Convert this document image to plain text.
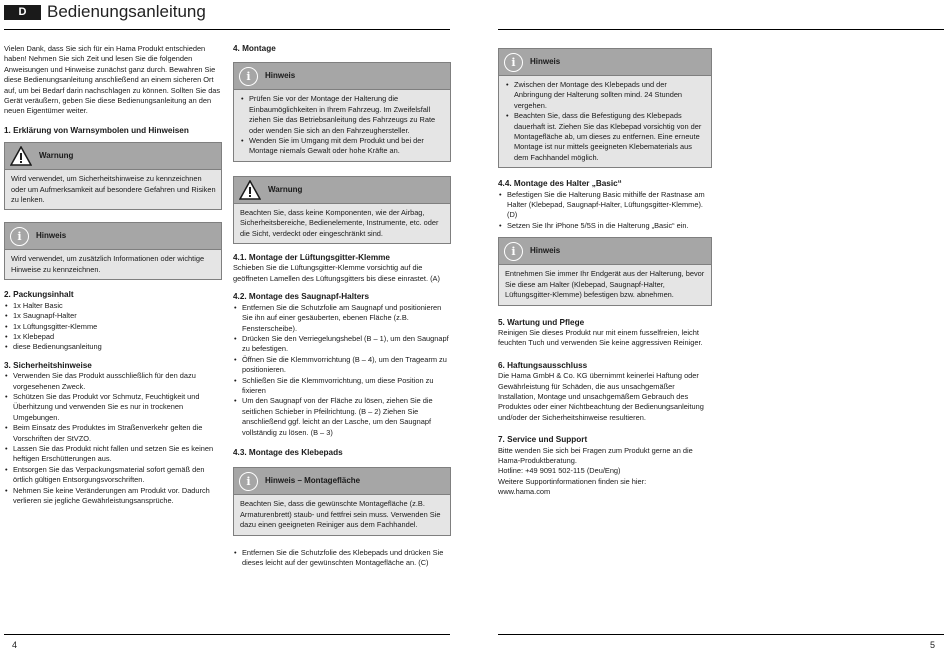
D	Bedienungsanleitung

Vielen Dank, dass Sie sich für ein Hama Produkt entschieden haben! Nehmen Sie sich Zeit und lesen Sie die folgenden Anweisungen und Hinweise zunächst ganz durch. Bewahren Sie diese Bedienungsanleitung anschließend an einem sicheren Ort auf, um bei Bedarf darin nachschlagen zu können. Sollten Sie das Gerät veräußern, geben Sie diese Bedienungsanleitung an den neuen Eigentümer weiter.

1. Erklärung von Warnsymbolen und Hinweisen

Warnung

Wird verwendet, um Sicherheitshinweise zu kennzeichnen oder um Aufmerksamkeit auf besondere Gefahren und Risiken zu lenken.

i	Hinweis

Wird verwendet, um zusätzlich Informationen oder wichtige Hinweise zu kennzeichnen.

2. Packungsinhalt

• 1x Halter Basic
• 1x Saugnapf-Halter
• 1x Lüftungsgitter-Klemme
• 1x Klebepad
• diese Bedienungsanleitung

3. Sicherheitshinweise

• Verwenden Sie das Produkt ausschließlich für den dazu vorgesehenen Zweck.
• Schützen Sie das Produkt vor Schmutz, Feuchtigkeit und Überhitzung und verwenden Sie es nur in trockenen Umgebungen.
• Beim Einsatz des Produktes im Straßenverkehr gelten die Vorschriften der StVZO.
• Lassen Sie das Produkt nicht fallen und setzen Sie es keinen heftigen Erschütterungen aus.
• Entsorgen Sie das Verpackungsmaterial sofort gemäß den örtlich gültigen Entsorgungsvorschriften.
• Nehmen Sie keine Veränderungen am Produkt vor. Dadurch verlieren sie jegliche Gewährleistungsansprüche.

4. Montage

i	Hinweis
• Prüfen Sie vor der Montage der Halterung die Einbaumöglichkeiten in Ihrem Fahrzeug. Im Zweifelsfall ziehen Sie das Betriebsanleitung des Fahrzeugs zu Rate oder wenden Sie sich an den Fahrzeughersteller.
• Wenden Sie im Umgang mit dem Produkt und bei der Montage niemals Gewalt oder hohe Kräfte an.
Warnung

Beachten Sie, dass keine Komponenten, wie der Airbag, Sicherheitsbereiche, Bedienelemente, Instrumente, etc. oder die Sicht, verdeckt oder eingeschränkt sind.

4.1. Montage der Lüftungsgitter-Klemme

Schieben Sie die Lüftungsgitter-Klemme vorsichtig auf die geöffneten Lamellen des Lüftungsgitters bis diese einrastet. (A)

4.2. Montage des Saugnapf-Halters

• Entfernen Sie die Schutzfolie am Saugnapf und positionieren Sie ihn auf einer gesäuberten, ebenen Fläche (z.B. Fensterscheibe).
• Drücken Sie den Verriegelungshebel (B – 1), um den Saugnapf zu befestigen.
• Öffnen Sie die Klemmvorrichtung (B – 4), um den Tragearm zu positionieren.
• Schließen Sie die Klemmvorrichtung, um diese Position zu fixieren
• Um den Saugnapf von der Fläche zu lösen, ziehen Sie die seitlichen Schieber in Pfeilrichtung. (B – 2) Ziehen Sie anschließend ggf. leicht an der Lasche, um den Saugnapf vollständig zu lösen. (B – 3)

4.3. Montage des Klebepads

i	Hinweis – Montagefläche

Beachten Sie, dass die gewünschte Montagefläche (z.B. Armaturenbrett) staub- und fettfrei sein muss. Verwenden Sie dazu einen geeigneten Reiniger aus dem Fachhandel.

• Entfernen Sie die Schutzfolie des Klebepads und drücken Sie dieses leicht auf der gewünschten Montagefläche an. (C)
i	Hinweis
• Zwischen der Montage des Klebepads und der Anbringung der Halterung sollten mind. 24 Stunden vergehen.
• Beachten Sie, dass die Befestigung des Klebepads dauerhaft ist. Ziehen Sie das Klebepad vorsichtig von der Montagefläche ab, um dieses zu entfernen. Eine erneute Montage ist nur mittels geeigneten Klebematerials aus dem Fachhandel möglich.

4.4. Montage des Halter „Basic“

• Befestigen Sie die Halterung Basic mithilfe der Rastnase am Halter (Klebepad, Saugnapf-Halter, Lüftungsgitter-Klemme). (D)
• Setzen Sie Ihr iPhone 5/5S in die Halterung „Basic“ ein.
i	Hinweis

Entnehmen Sie immer Ihr Endgerät aus der Halterung, bevor Sie diese am Halter (Klebepad, Saugnapf-Halter, Lüftungsgitter-Klemme) befestigen bzw. abnehmen.

5. Wartung und Pflege

Reinigen Sie dieses Produkt nur mit einem fusselfreien, leicht feuchten Tuch und verwenden Sie keine aggressiven Reiniger.

6. Haftungsausschluss

Die Hama GmbH & Co. KG übernimmt keinerlei Haftung oder Gewährleistung für Schäden, die aus unsachgemäßer Installation, Montage und unsachgemäßem Gebrauch des Produktes oder einer Nichtbeachtung der Bedienungsanleitung und/oder der Sicherheitshinweise resultieren.

7. Service und Support

Bitte wenden Sie sich bei Fragen zum Produkt gerne an die Hama-Produktberatung.

Hotline: +49 9091 502-115 (Deu/Eng)

Weitere Supportinformationen finden sie hier:

www.hama.com

4	5
